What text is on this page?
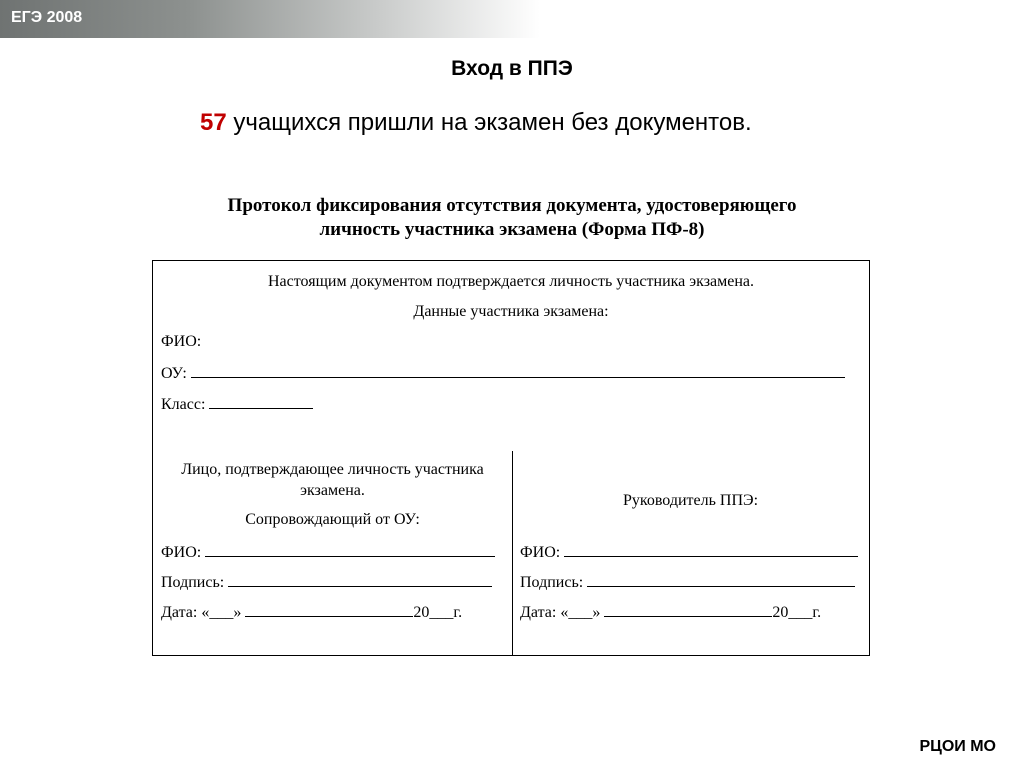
ЕГЭ 2008
Вход в ППЭ
57 учащихся пришли на экзамен без документов.
Протокол фиксирования отсутствия документа, удостоверяющего
личность участника экзамена (Форма ПФ-8)
Настоящим документом подтверждается личность участника экзамена.
Данные участника экзамена:
ФИО:
ОУ:
Класс:
Лицо, подтверждающее личность участника
экзамена.
Сопровождающий от ОУ:
ФИО:
Подпись:
Дата: «___»	20___г.
Руководитель ППЭ:
ФИО:
Подпись:
Дата: «___»	20___г.
РЦОИ МО
